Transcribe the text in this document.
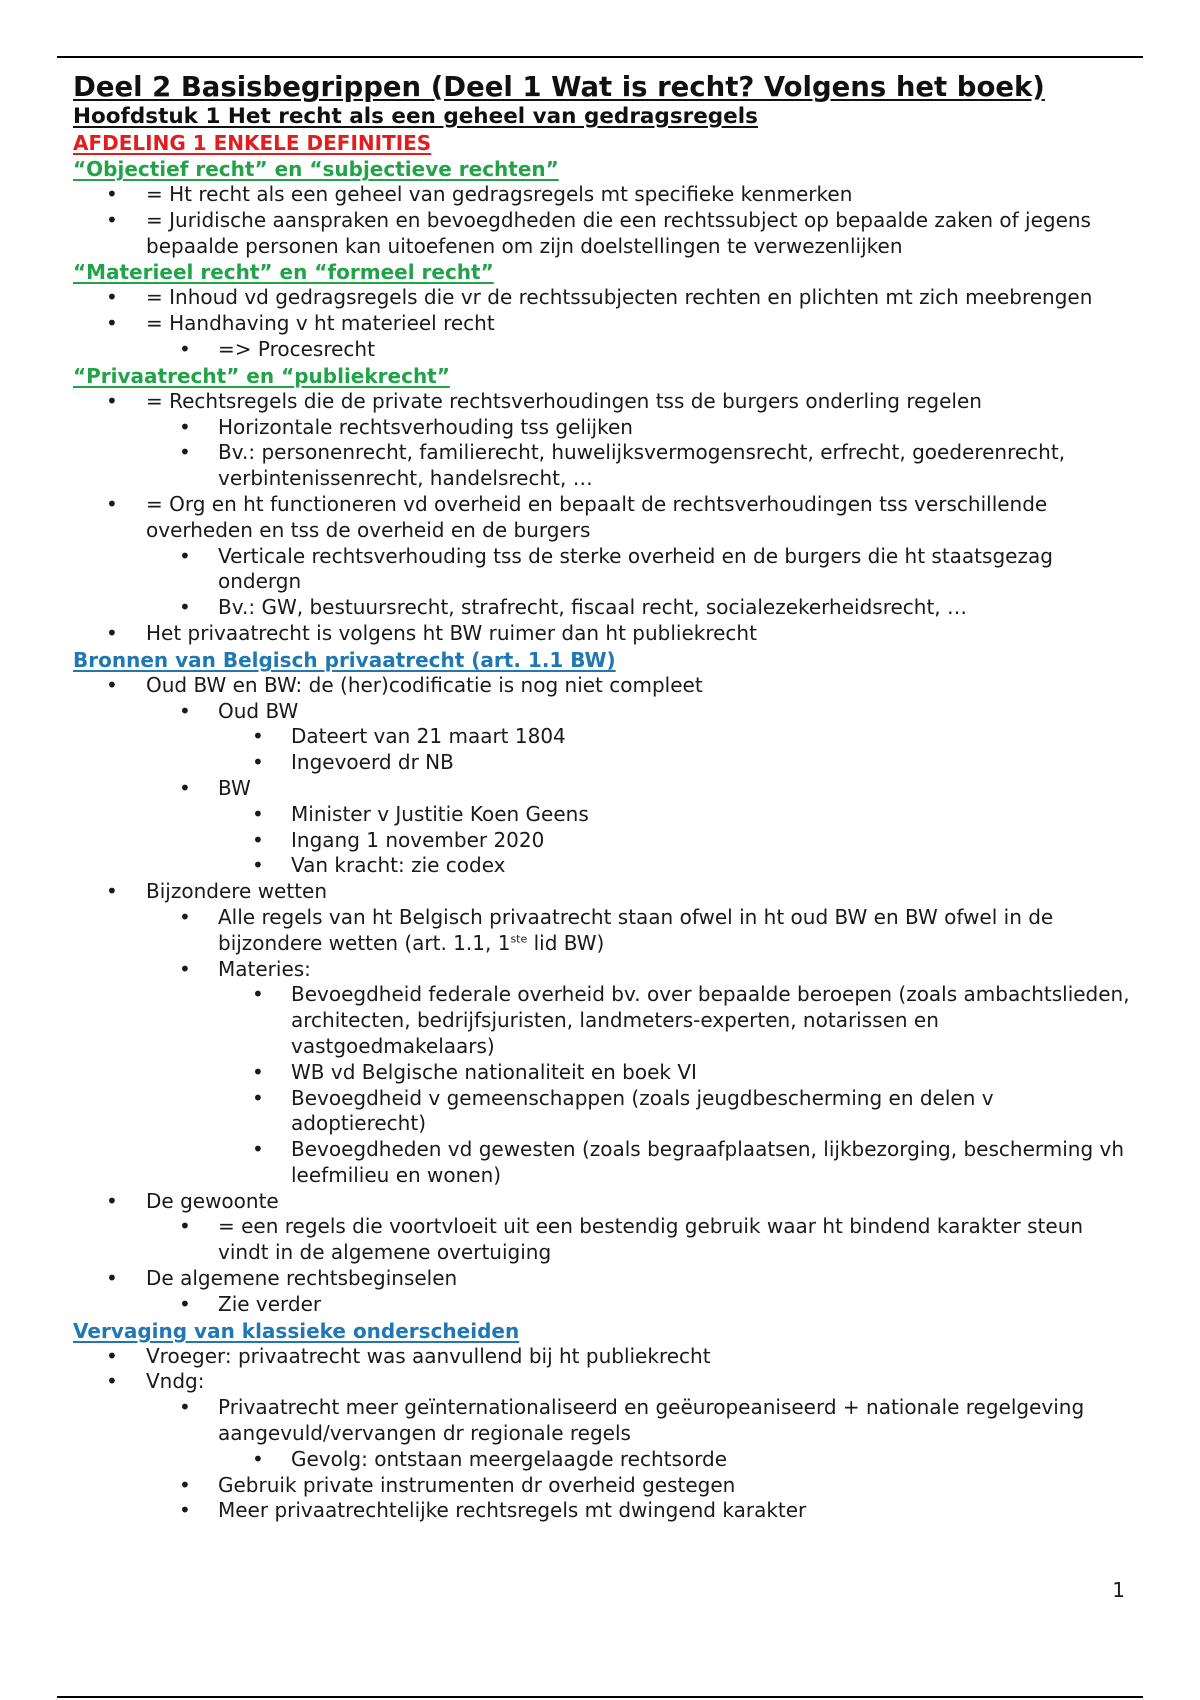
Deel 2 Basisbegrippen (Deel 1 Wat is recht? Volgens het boek)

Hoofdstuk 1 Het recht als een geheel van gedragsregels

AFDELING 1 ENKELE DEFINITIES

“Objectief recht” en “subjectieve rechten”

• = Ht recht als een geheel van gedragsregels mt specifieke kenmerken
• = Juridische aanspraken en bevoegdheden die een rechtssubject op bepaalde zaken of jegens bepaalde personen kan uitoefenen om zijn doelstellingen te verwezenlijken

“Materieel recht” en “formeel recht”

• = Inhoud vd gedragsregels die vr de rechtssubjecten rechten en plichten mt zich meebrengen
• = Handhaving v ht materieel recht
• => Procesrecht

“Privaatrecht” en “publiekrecht”

• = Rechtsregels die de private rechtsverhoudingen tss de burgers onderling regelen
• Horizontale rechtsverhouding tss gelijken
• Bv.: personenrecht, familierecht, huwelijksvermogensrecht, erfrecht, goederenrecht, verbintenissenrecht, handelsrecht, …
• = Org en ht functioneren vd overheid en bepaalt de rechtsverhoudingen tss verschillende overheden en tss de overheid en de burgers
• Verticale rechtsverhouding tss de sterke overheid en de burgers die ht staatsgezag ondergn
• Bv.: GW, bestuursrecht, strafrecht, fiscaal recht, socialezekerheidsrecht, …
• Het privaatrecht is volgens ht BW ruimer dan ht publiekrecht

Bronnen van Belgisch privaatrecht (art. 1.1 BW)

• Oud BW en BW: de (her)codificatie is nog niet compleet
• Oud BW
• Dateert van 21 maart 1804
• Ingevoerd dr NB
• BW
• Minister v Justitie Koen Geens
• Ingang 1 november 2020
• Van kracht: zie codex
• Bijzondere wetten
• Alle regels van ht Belgisch privaatrecht staan ofwel in ht oud BW en BW ofwel in de bijzondere wetten (art. 1.1, 1ste lid BW)
• Materies:
• Bevoegdheid federale overheid bv. over bepaalde beroepen (zoals ambachtslieden, architecten, bedrijfsjuristen, landmeters-experten, notarissen en vastgoedmakelaars)
• WB vd Belgische nationaliteit en boek VI
• Bevoegdheid v gemeenschappen (zoals jeugdbescherming en delen v adoptierecht)
• Bevoegdheden vd gewesten (zoals begraafplaatsen, lijkbezorging, bescherming vh leefmilieu en wonen)
• De gewoonte
• = een regels die voortvloeit uit een bestendig gebruik waar ht bindend karakter steun vindt in de algemene overtuiging
• De algemene rechtsbeginselen
• Zie verder

Vervaging van klassieke onderscheiden

• Vroeger: privaatrecht was aanvullend bij ht publiekrecht
• Vndg:
• Privaatrecht meer geïnternationaliseerd en geëuropeaniseerd + nationale regelgeving aangevuld/vervangen dr regionale regels
• Gevolg: ontstaan meergelaagde rechtsorde
• Gebruik private instrumenten dr overheid gestegen
• Meer privaatrechtelijke rechtsregels mt dwingend karakter
1
